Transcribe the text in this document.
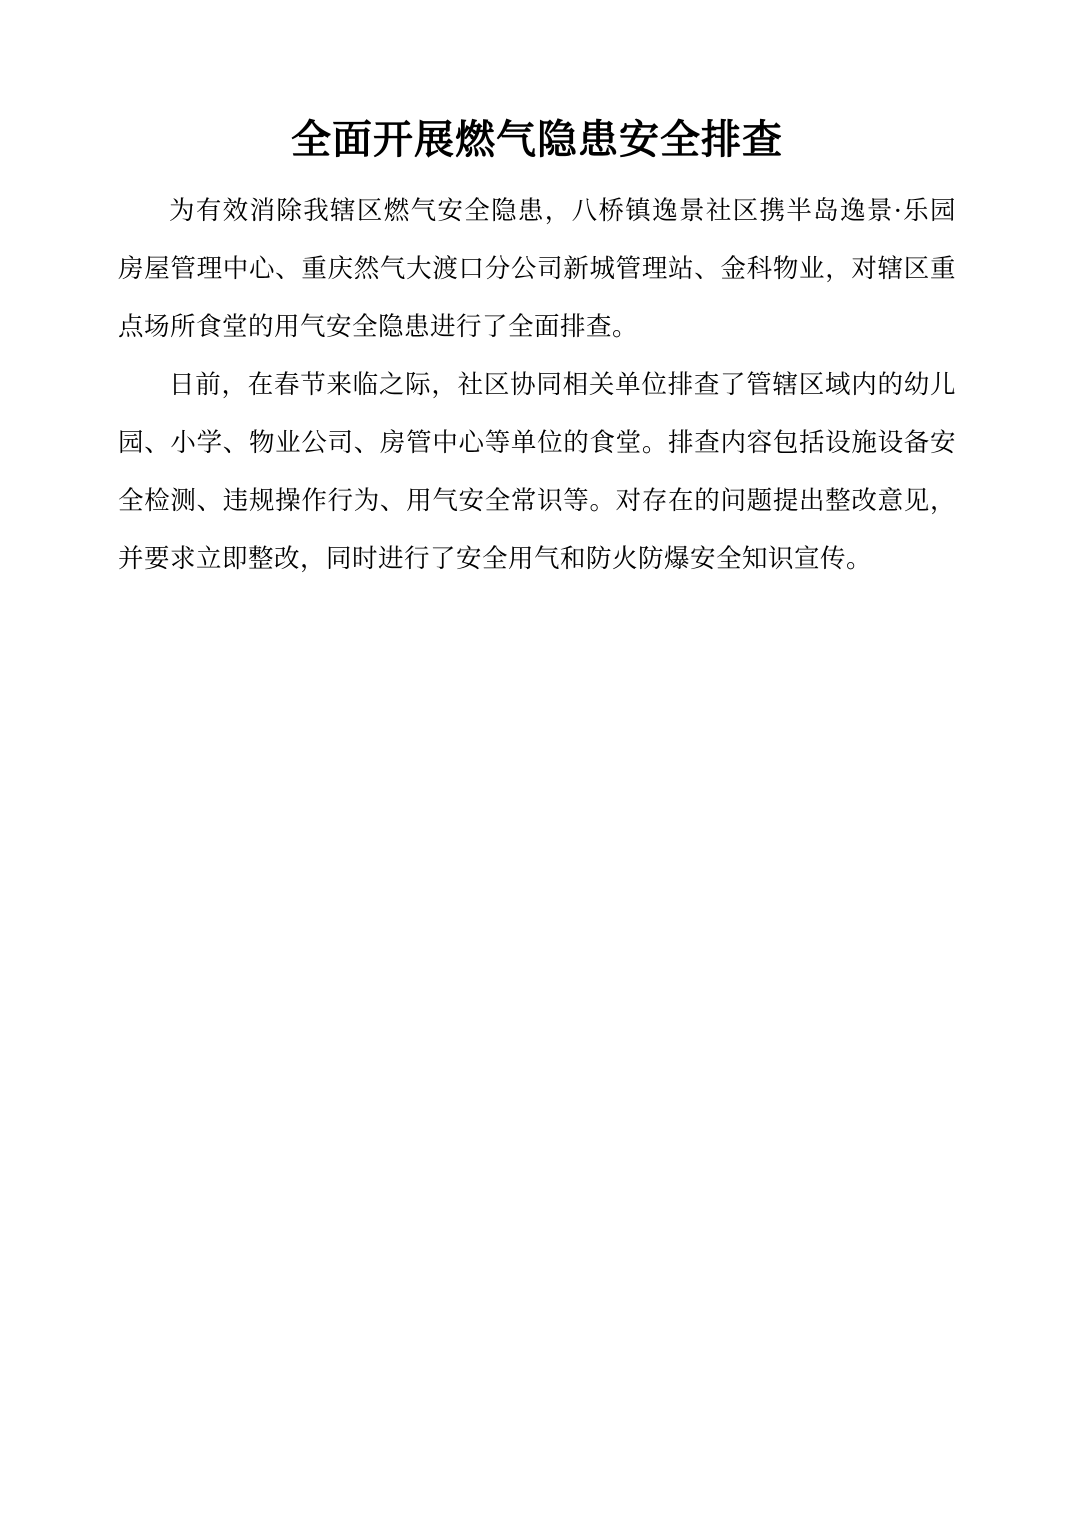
全面开展燃气隐患安全排查

为有效消除我辖区燃气安全隐患，八桥镇逸景社区携半岛逸景·乐园房屋管理中心、重庆然气大渡口分公司新城管理站、金科物业，对辖区重点场所食堂的用气安全隐患进行了全面排查。

日前，在春节来临之际，社区协同相关单位排查了管辖区域内的幼儿园、小学、物业公司、房管中心等单位的食堂。排查内容包括设施设备安全检测、违规操作行为、用气安全常识等。对存在的问题提出整改意见，并要求立即整改，同时进行了安全用气和防火防爆安全知识宣传。
